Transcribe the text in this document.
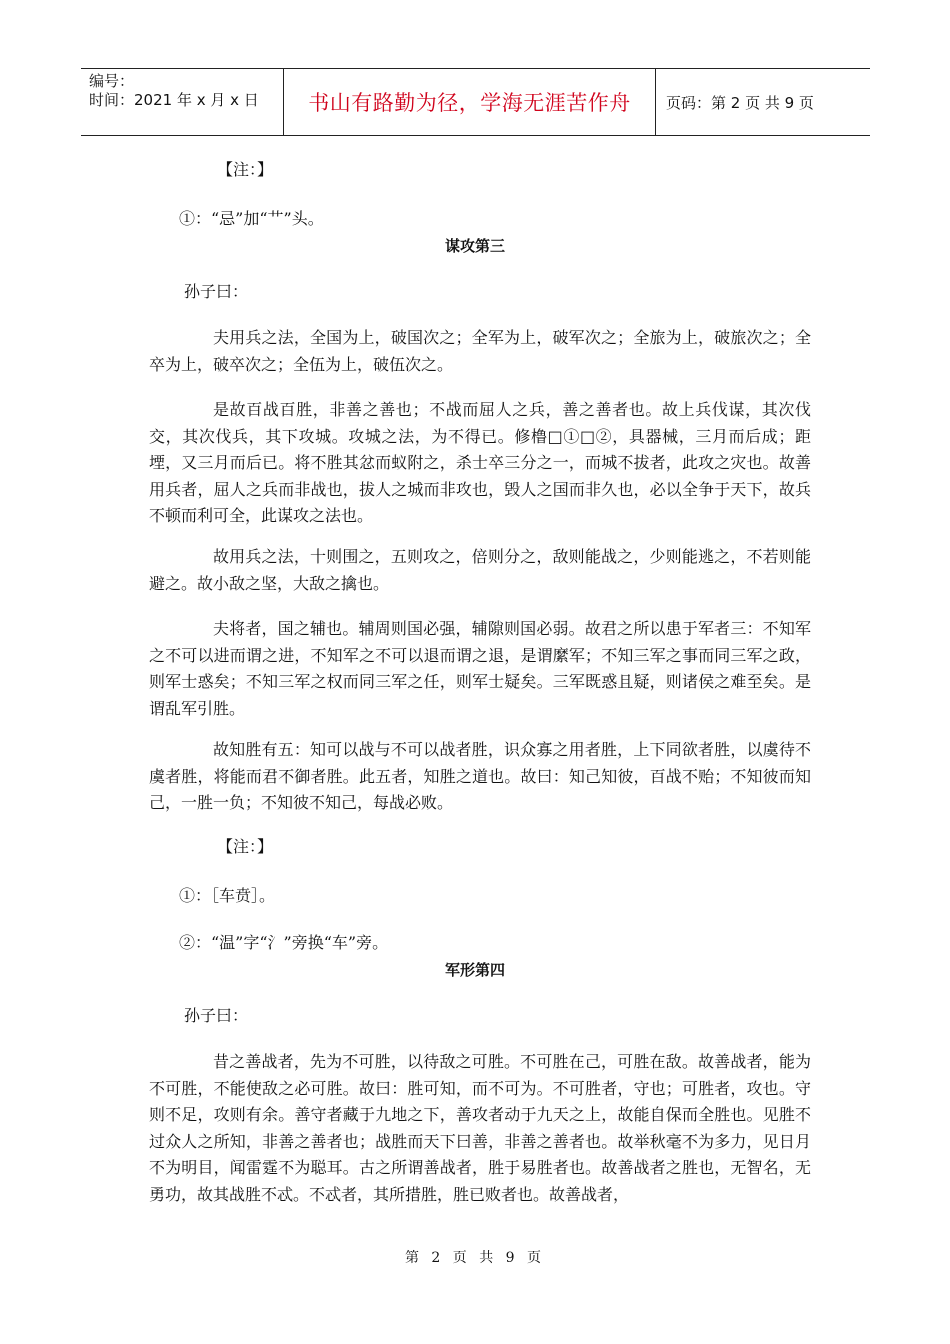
编号：
时间：2021 年 x 月 x 日	书山有路勤为径，学海无涯苦作舟	页码：第 2 页 共 9 页
【注：】
①：“忌”加“艹”头。
谋攻第三
孙子曰：
夫用兵之法，全国为上，破国次之；全军为上，破军次之；全旅为上，破旅次之；全卒为上，破卒次之；全伍为上，破伍次之。
是故百战百胜，非善之善也；不战而屈人之兵，善之善者也。故上兵伐谋，其次伐交，其次伐兵，其下攻城。攻城之法，为不得已。修橹□①□②，具器械，三月而后成；距堙，又三月而后已。将不胜其忿而蚁附之，杀士卒三分之一，而城不拔者，此攻之灾也。故善用兵者，屈人之兵而非战也，拔人之城而非攻也，毁人之国而非久也，必以全争于天下，故兵不顿而利可全，此谋攻之法也。
故用兵之法，十则围之，五则攻之，倍则分之，敌则能战之，少则能逃之，不若则能避之。故小敌之坚，大敌之擒也。
夫将者，国之辅也。辅周则国必强，辅隙则国必弱。故君之所以患于军者三：不知军之不可以进而谓之进，不知军之不可以退而谓之退，是谓縻军；不知三军之事而同三军之政，则军士惑矣；不知三军之权而同三军之任，则军士疑矣。三军既惑且疑，则诸侯之难至矣。是谓乱军引胜。
故知胜有五：知可以战与不可以战者胜，识众寡之用者胜，上下同欲者胜，以虞待不虞者胜，将能而君不御者胜。此五者，知胜之道也。故曰：知己知彼，百战不贻；不知彼而知己，一胜一负；不知彼不知己，每战必败。
【注：】
①：［车贲］。
②：“温”字“氵”旁换“车”旁。
军形第四
孙子曰：
昔之善战者，先为不可胜，以待敌之可胜。不可胜在己，可胜在敌。故善战者，能为不可胜，不能使敌之必可胜。故曰：胜可知，而不可为。不可胜者，守也；可胜者，攻也。守则不足，攻则有余。善守者藏于九地之下，善攻者动于九天之上，故能自保而全胜也。见胜不过众人之所知，非善之善者也；战胜而天下曰善，非善之善者也。故举秋毫不为多力，见日月不为明目，闻雷霆不为聪耳。古之所谓善战者，胜于易胜者也。故善战者之胜也，无智名，无勇功，故其战胜不忒。不忒者，其所措胜，胜已败者也。故善战者，
第 2 页 共 9 页
